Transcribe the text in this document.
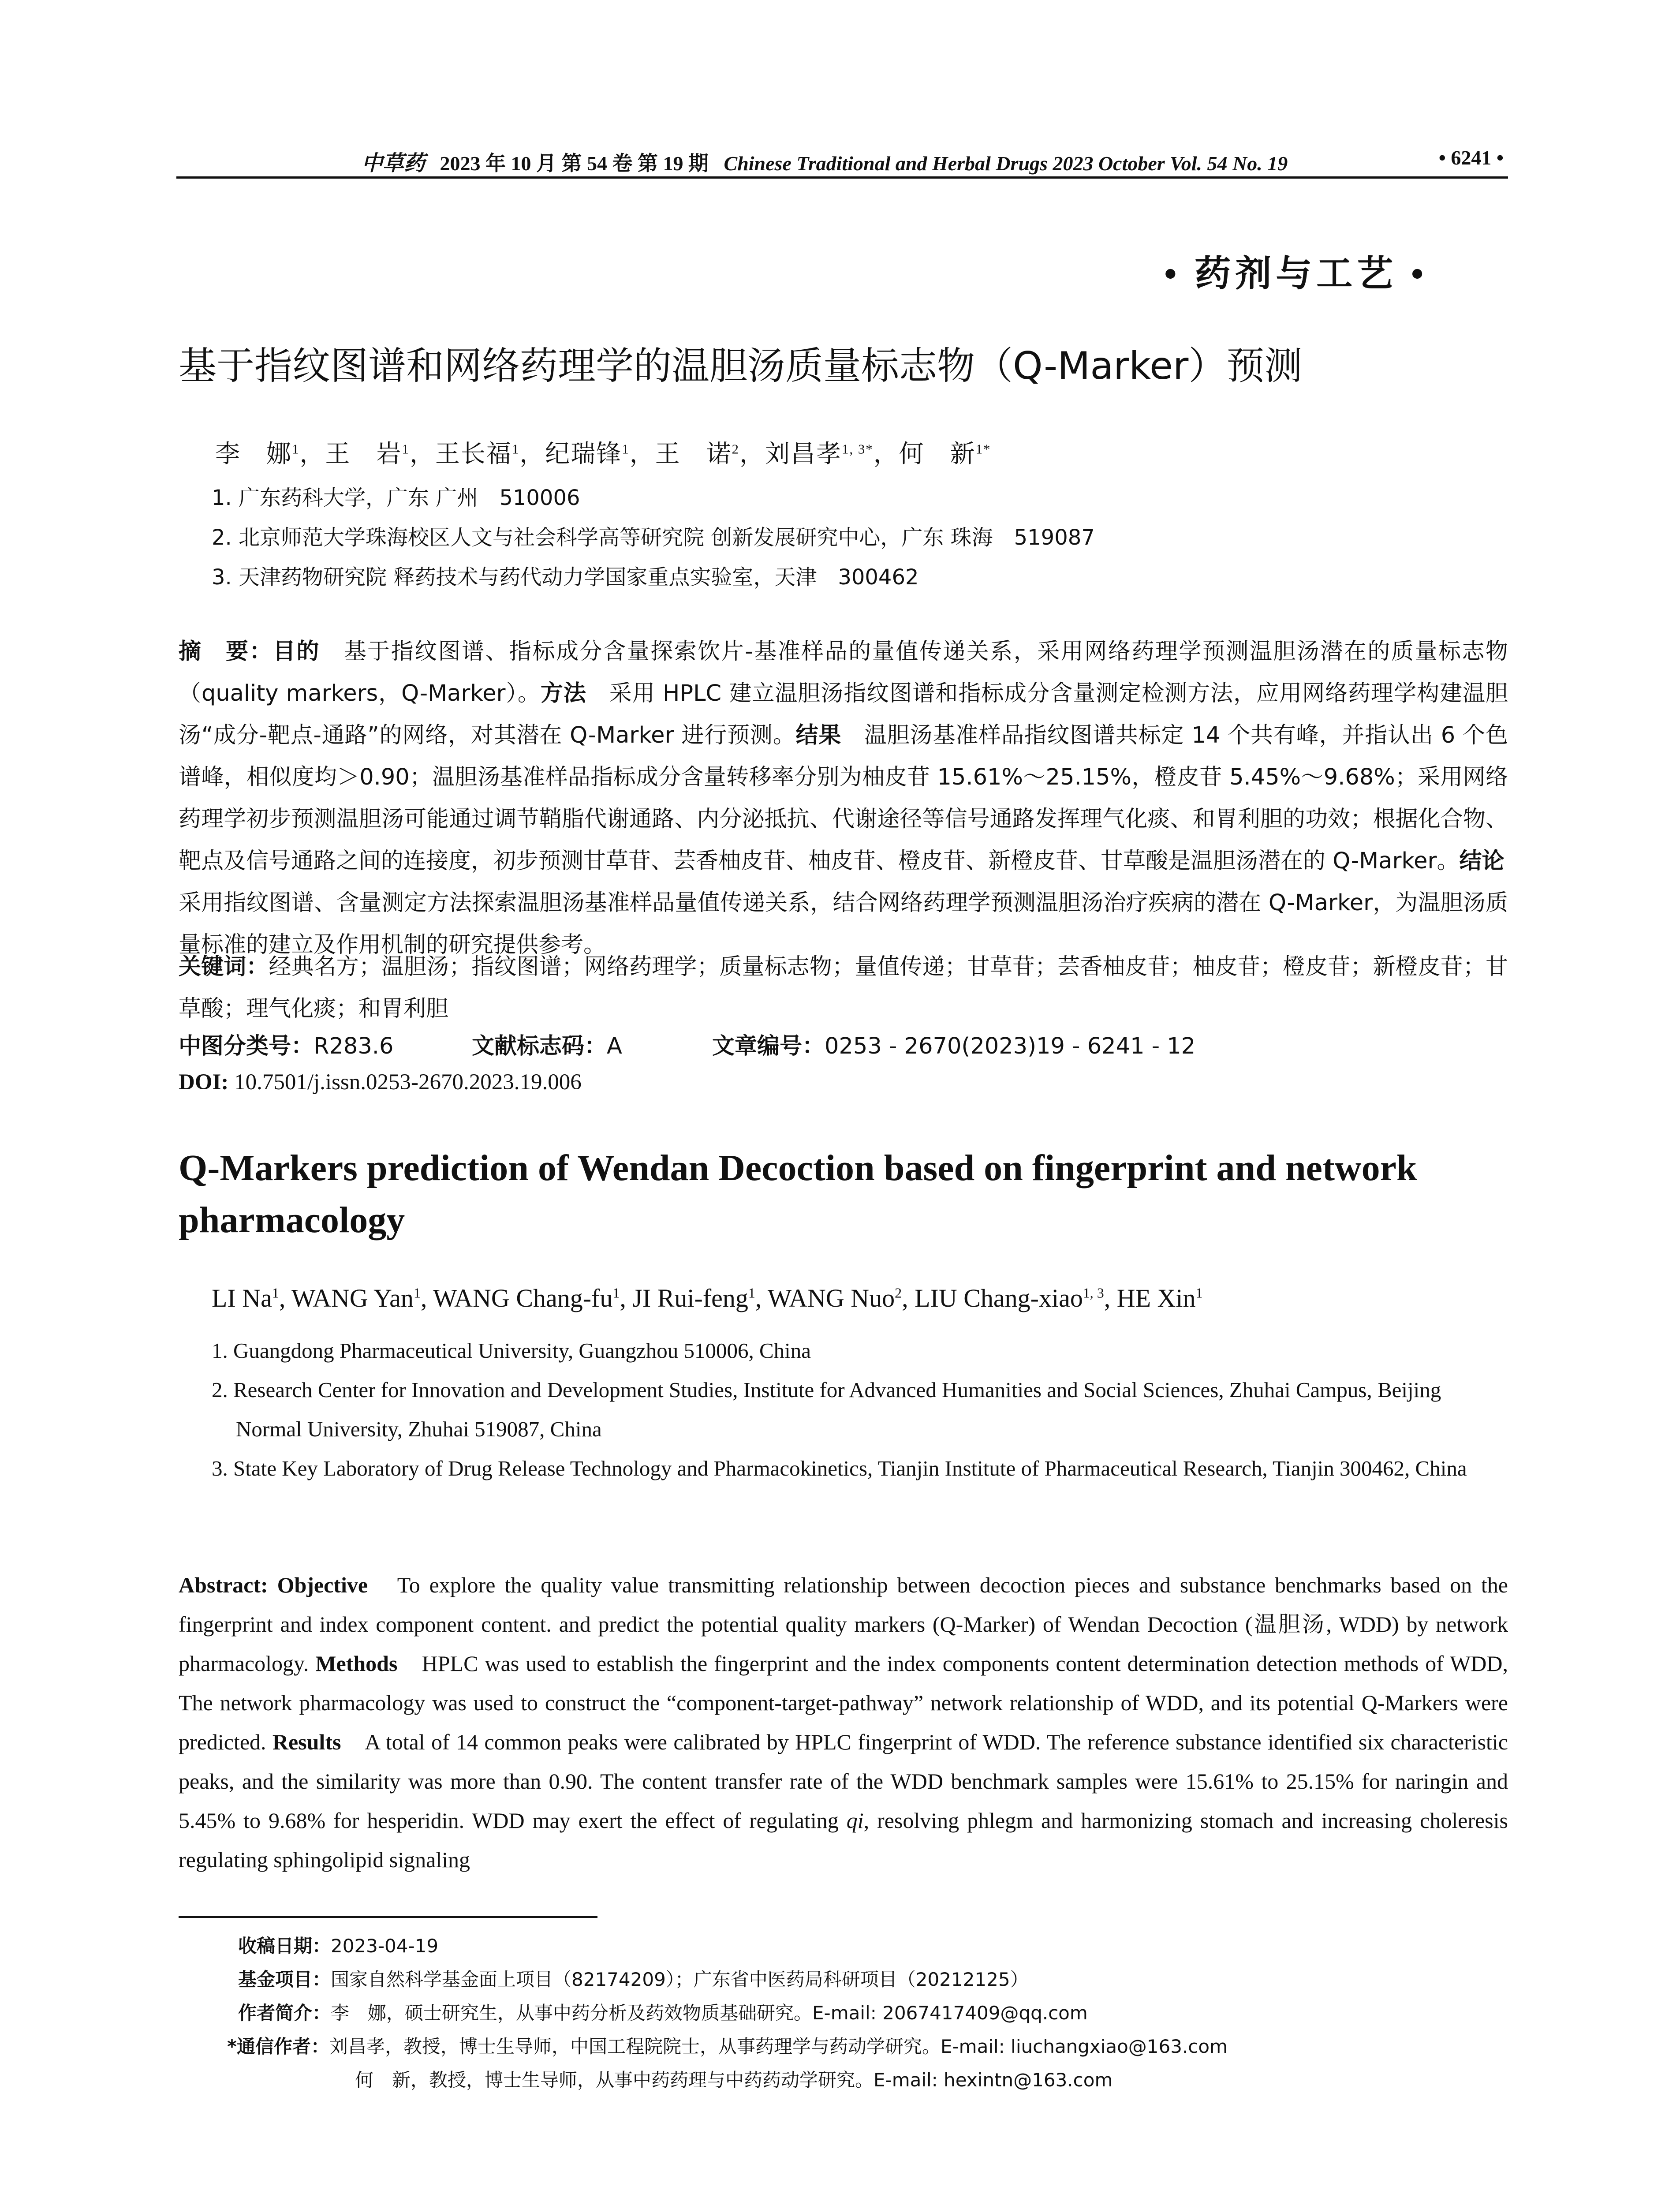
中草药 2023 年 10 月 第 54 卷 第 19 期 Chinese Traditional and Herbal Drugs 2023 October Vol. 54 No. 19	• 6241 •
• 药剂与工艺 •
基于指纹图谱和网络药理学的温胆汤质量标志物（Q-Marker）预测
李　娜$^1$，王　岩$^1$，王长福$^1$，纪瑞锋$^1$，王　诺$^2$，刘昌孝$^{1, 3*}$，何　新$^{1*}$
1. 广东药科大学，广东 广州　510006
2. 北京师范大学珠海校区人文与社会科学高等研究院 创新发展研究中心，广东 珠海　519087
3. 天津药物研究院 释药技术与药代动力学国家重点实验室，天津　300462
摘　要：目的　基于指纹图谱、指标成分含量探索饮片-基准样品的量值传递关系，采用网络药理学预测温胆汤潜在的质量标志物（quality markers，Q-Marker）。方法　采用 HPLC 建立温胆汤指纹图谱和指标成分含量测定检测方法，应用网络药理学构建温胆汤“成分-靶点-通路”的网络，对其潜在 Q-Marker 进行预测。结果　温胆汤基准样品指纹图谱共标定 14 个共有峰，并指认出 6 个色谱峰，相似度均＞0.90；温胆汤基准样品指标成分含量转移率分别为柚皮苷 15.61%～25.15%，橙皮苷 5.45%～9.68%；采用网络药理学初步预测温胆汤可能通过调节鞘脂代谢通路、内分泌抵抗、代谢途径等信号通路发挥理气化痰、和胃利胆的功效；根据化合物、靶点及信号通路之间的连接度，初步预测甘草苷、芸香柚皮苷、柚皮苷、橙皮苷、新橙皮苷、甘草酸是温胆汤潜在的 Q-Marker。结论　采用指纹图谱、含量测定方法探索温胆汤基准样品量值传递关系，结合网络药理学预测温胆汤治疗疾病的潜在 Q-Marker，为温胆汤质量标准的建立及作用机制的研究提供参考。
关键词：经典名方；温胆汤；指纹图谱；网络药理学；质量标志物；量值传递；甘草苷；芸香柚皮苷；柚皮苷；橙皮苷；新橙皮苷；甘草酸；理气化痰；和胃利胆
中图分类号：R283.6	文献标志码：A	文章编号：0253 - 2670(2023)19 - 6241 - 12
DOI: 10.7501/j.issn.0253-2670.2023.19.006
Q-Markers prediction of Wendan Decoction based on fingerprint and network pharmacology
LI Na$^1$, WANG Yan$^1$, WANG Chang-$fu^1$, JI Rui-feng$^1$, WANG Nuo$^2$, LIU Chang-xiao$^{1, 3}$, HE Xin$^1$
1. Guangdong Pharmaceutical University, Guangzhou 510006, China
2. Research Center for Innovation and Development Studies, Institute for Advanced Humanities and Social Sciences, Zhuhai Campus, Beijing Normal University, Zhuhai 519087, China
3. State Key Laboratory of Drug Release Technology and Pharmacokinetics, Tianjin Institute of Pharmaceutical Research, Tianjin 300462, China
Abstract: Objective　To explore the quality value transmitting relationship between decoction pieces and substance benchmarks based on the fingerprint and index component content. and predict the potential quality markers (Q-Marker) of Wendan Decoction (温胆汤, WDD) by network pharmacology. Methods　HPLC was used to establish the fingerprint and the index components content determination detection methods of WDD, The network pharmacology was used to construct the “component-target-pathway” network relationship of WDD, and its potential Q-Markers were predicted. Results　A total of 14 common peaks were calibrated by HPLC fingerprint of WDD. The reference substance identified six characteristic peaks, and the similarity was more than 0.90. The content transfer rate of the WDD benchmark samples were 15.61% to 25.15% for naringin and 5.45% to 9.68% for hesperidin. WDD may exert the effect of regulating qi, resolving phlegm and harmonizing stomach and increasing choleresis regulating sphingolipid signaling
收稿日期：2023-04-19
基金项目：国家自然科学基金面上项目（82174209）；广东省中医药局科研项目（20212125）
作者简介：李　娜，硕士研究生，从事中药分析及药效物质基础研究。E-mail: 2067417409@qq.com
*通信作者：刘昌孝，教授，博士生导师，中国工程院院士，从事药理学与药动学研究。E-mail: liuchangxiao@163.com
何　新，教授，博士生导师，从事中药药理与中药药动学研究。E-mail: hexintn@163.com
